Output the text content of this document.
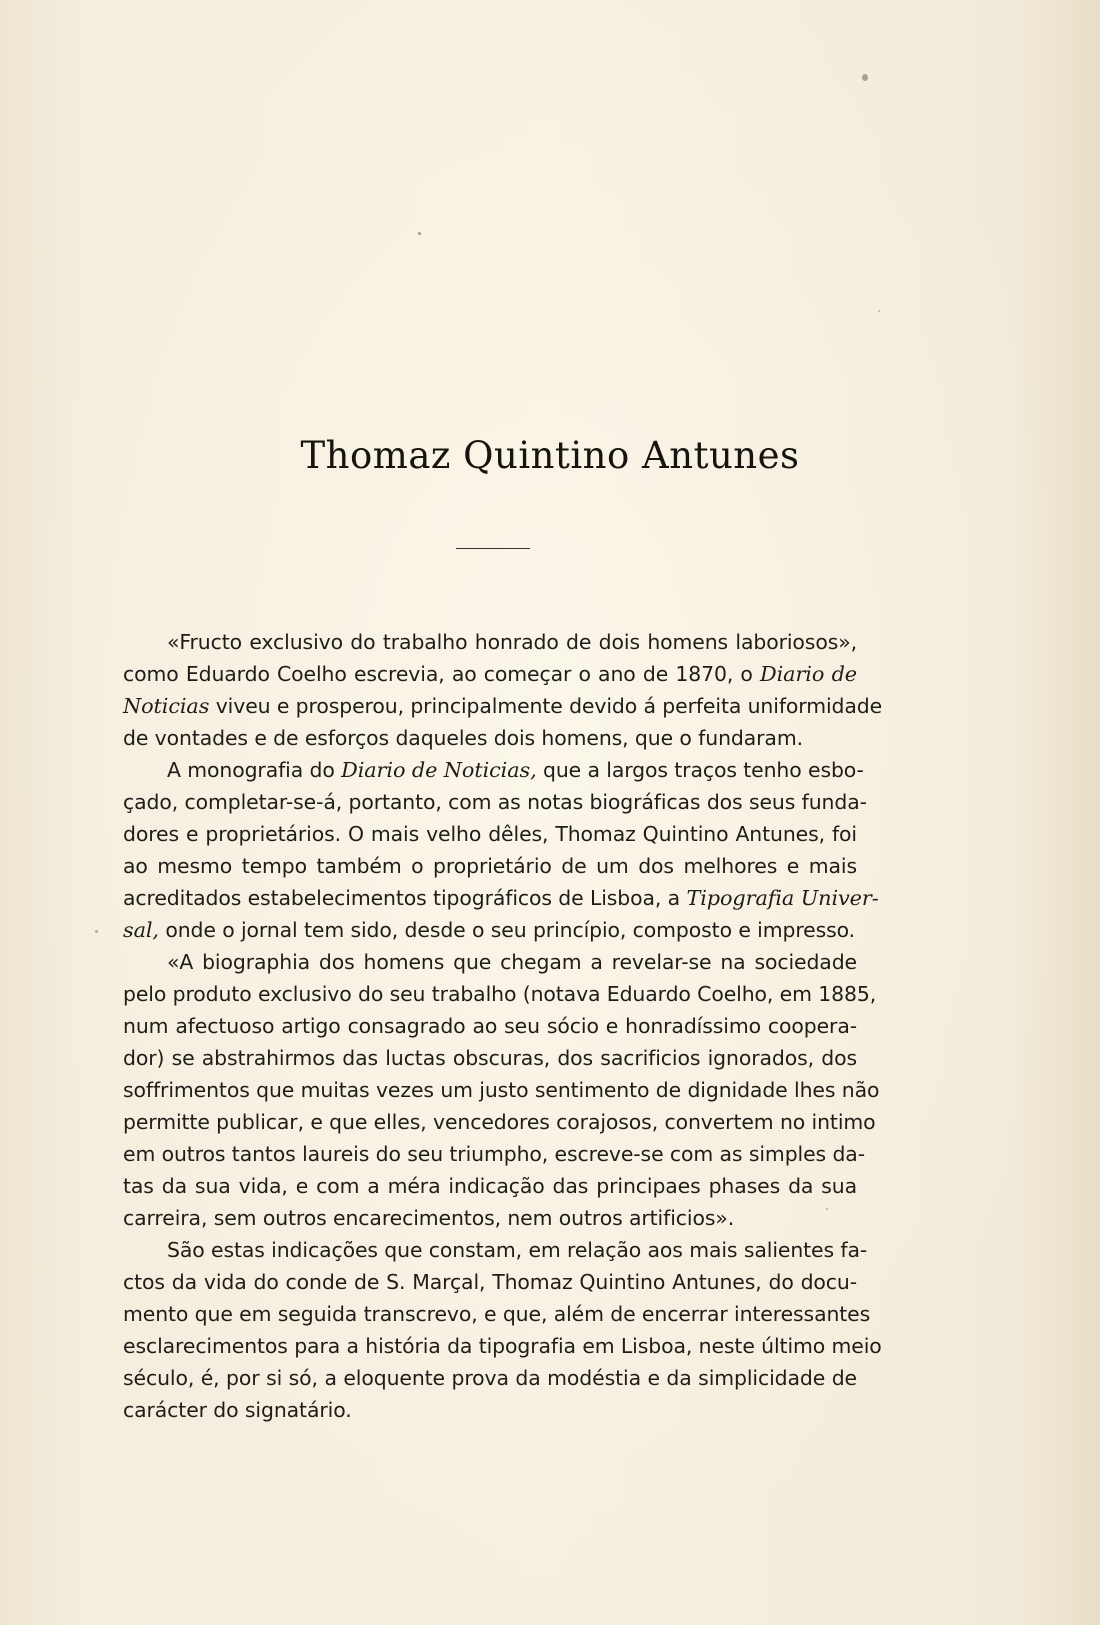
Thomaz Quintino Antunes
«Fructo exclusivo do trabalho honrado de dois homens laboriosos»,
como Eduardo Coelho escrevia, ao começar o ano de 1870, o Diario de
Noticias viveu e prosperou, principalmente devido á perfeita uniformidade
de vontades e de esforços daqueles dois homens, que o fundaram.
A monografia do Diario de Noticias, que a largos traços tenho esbo-
çado, completar-se-á, portanto, com as notas biográficas dos seus funda-
dores e proprietários. O mais velho dêles, Thomaz Quintino Antunes, foi
ao mesmo tempo também o proprietário de um dos melhores e mais
acreditados estabelecimentos tipográficos de Lisboa, a Tipografia Univer-
sal, onde o jornal tem sido, desde o seu princípio, composto e impresso.
«A biographia dos homens que chegam a revelar-se na sociedade
pelo produto exclusivo do seu trabalho (notava Eduardo Coelho, em 1885,
num afectuoso artigo consagrado ao seu sócio e honradíssimo coopera-
dor) se abstrahirmos das luctas obscuras, dos sacrificios ignorados, dos
soffrimentos que muitas vezes um justo sentimento de dignidade lhes não
permitte publicar, e que elles, vencedores corajosos, convertem no intimo
em outros tantos laureis do seu triumpho, escreve-se com as simples da-
tas da sua vida, e com a méra indicação das principaes phases da sua
carreira, sem outros encarecimentos, nem outros artificios».
São estas indicações que constam, em relação aos mais salientes fa-
ctos da vida do conde de S. Marçal, Thomaz Quintino Antunes, do docu-
mento que em seguida transcrevo, e que, além de encerrar interessantes
esclarecimentos para a história da tipografia em Lisboa, neste último meio
século, é, por si só, a eloquente prova da modéstia e da simplicidade de
carácter do signatário.
